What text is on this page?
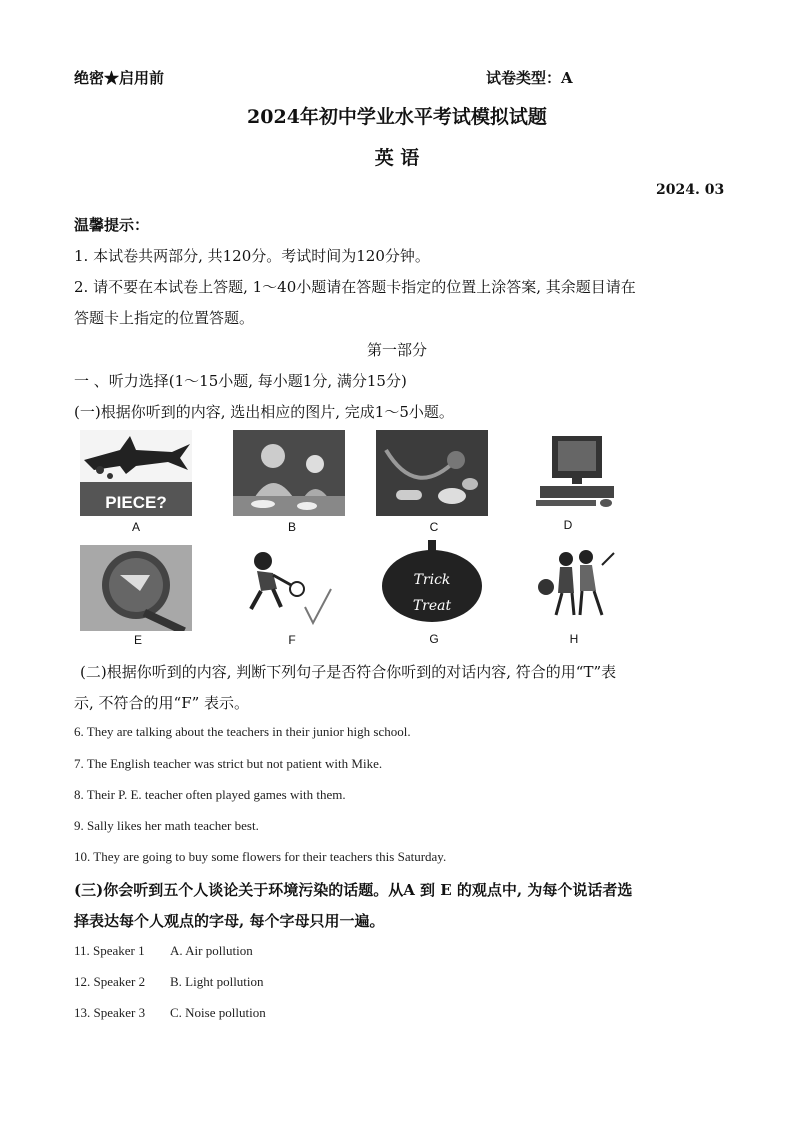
绝密★启用前	试卷类型：A
2024年初中学业水平考试模拟试题
英 语
2024. 03
温馨提示：
1. 本试卷共两部分, 共120分。考试时间为120分钟。
2. 请不要在本试卷上答题, 1～40小题请在答题卡指定的位置上涂答案, 其余题目请在
答题卡上指定的位置答题。
第一部分
一 、听力选择(1～15小题, 每小题1分, 满分15分)
(一)根据你听到的内容, 选出相应的图片, 完成1～5小题。
PIECE?
A	B	C	D
E	F
Trick
Treat
G	H
(二)根据你听到的内容, 判断下列句子是否符合你听到的对话内容, 符合的用“T”表
示, 不符合的用“F” 表示。
6. They are talking about the teachers in their junior high school.
7. The English teacher was strict but not patient with Mike.
8. Their P. E. teacher often played games with them.
9. Sally likes her math teacher best.
10. They are going to buy some flowers for their teachers this Saturday.
(三)你会听到五个人谈论关于环境污染的话题。从A 到 E 的观点中, 为每个说话者选
择表达每个人观点的字母, 每个字母只用一遍。
11. Speaker 1 A. Air pollution
12. Speaker 2 B. Light pollution
13. Speaker 3 C. Noise pollution
